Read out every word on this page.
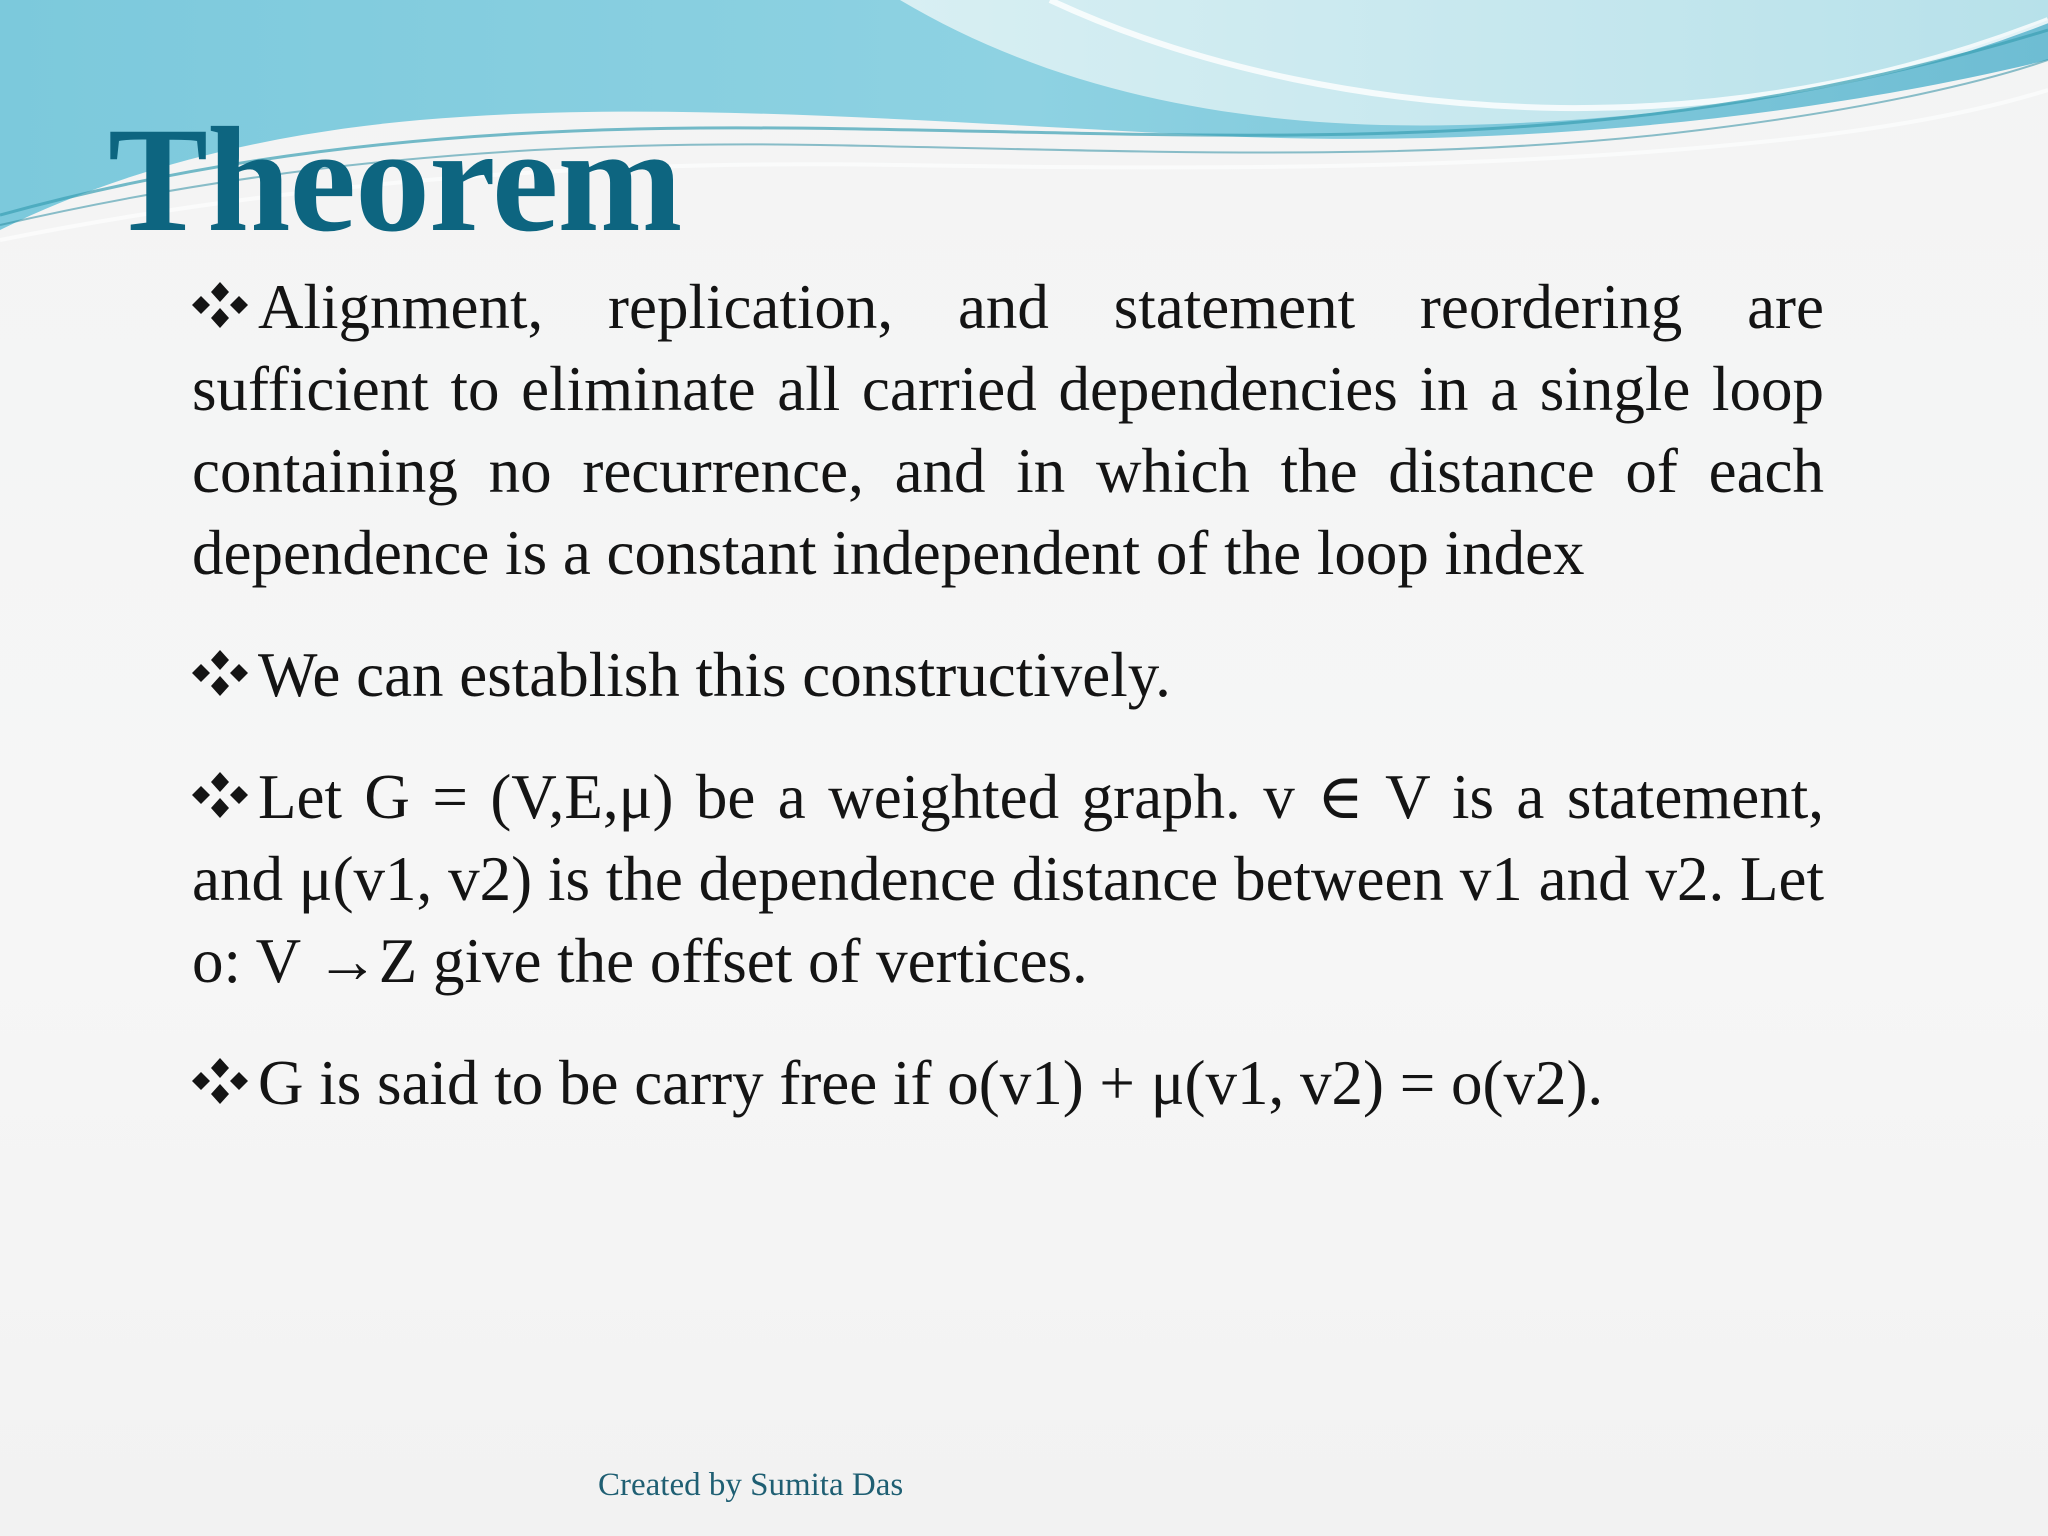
Theorem

Alignment, replication, and statement reordering are sufficient to eliminate all carried dependencies in a single loop containing no recurrence, and in which the distance of each dependence is a constant independent of the loop index

We can establish this constructively.

Let G = (V,E,μ) be a weighted graph. v ∈ V is a statement, and μ(v1, v2) is the dependence distance between v1 and v2. Let o: V →Z give the offset of vertices.

G is said to be carry free if o(v1) + μ(v1, v2) = o(v2).

Created by Sumita Das
